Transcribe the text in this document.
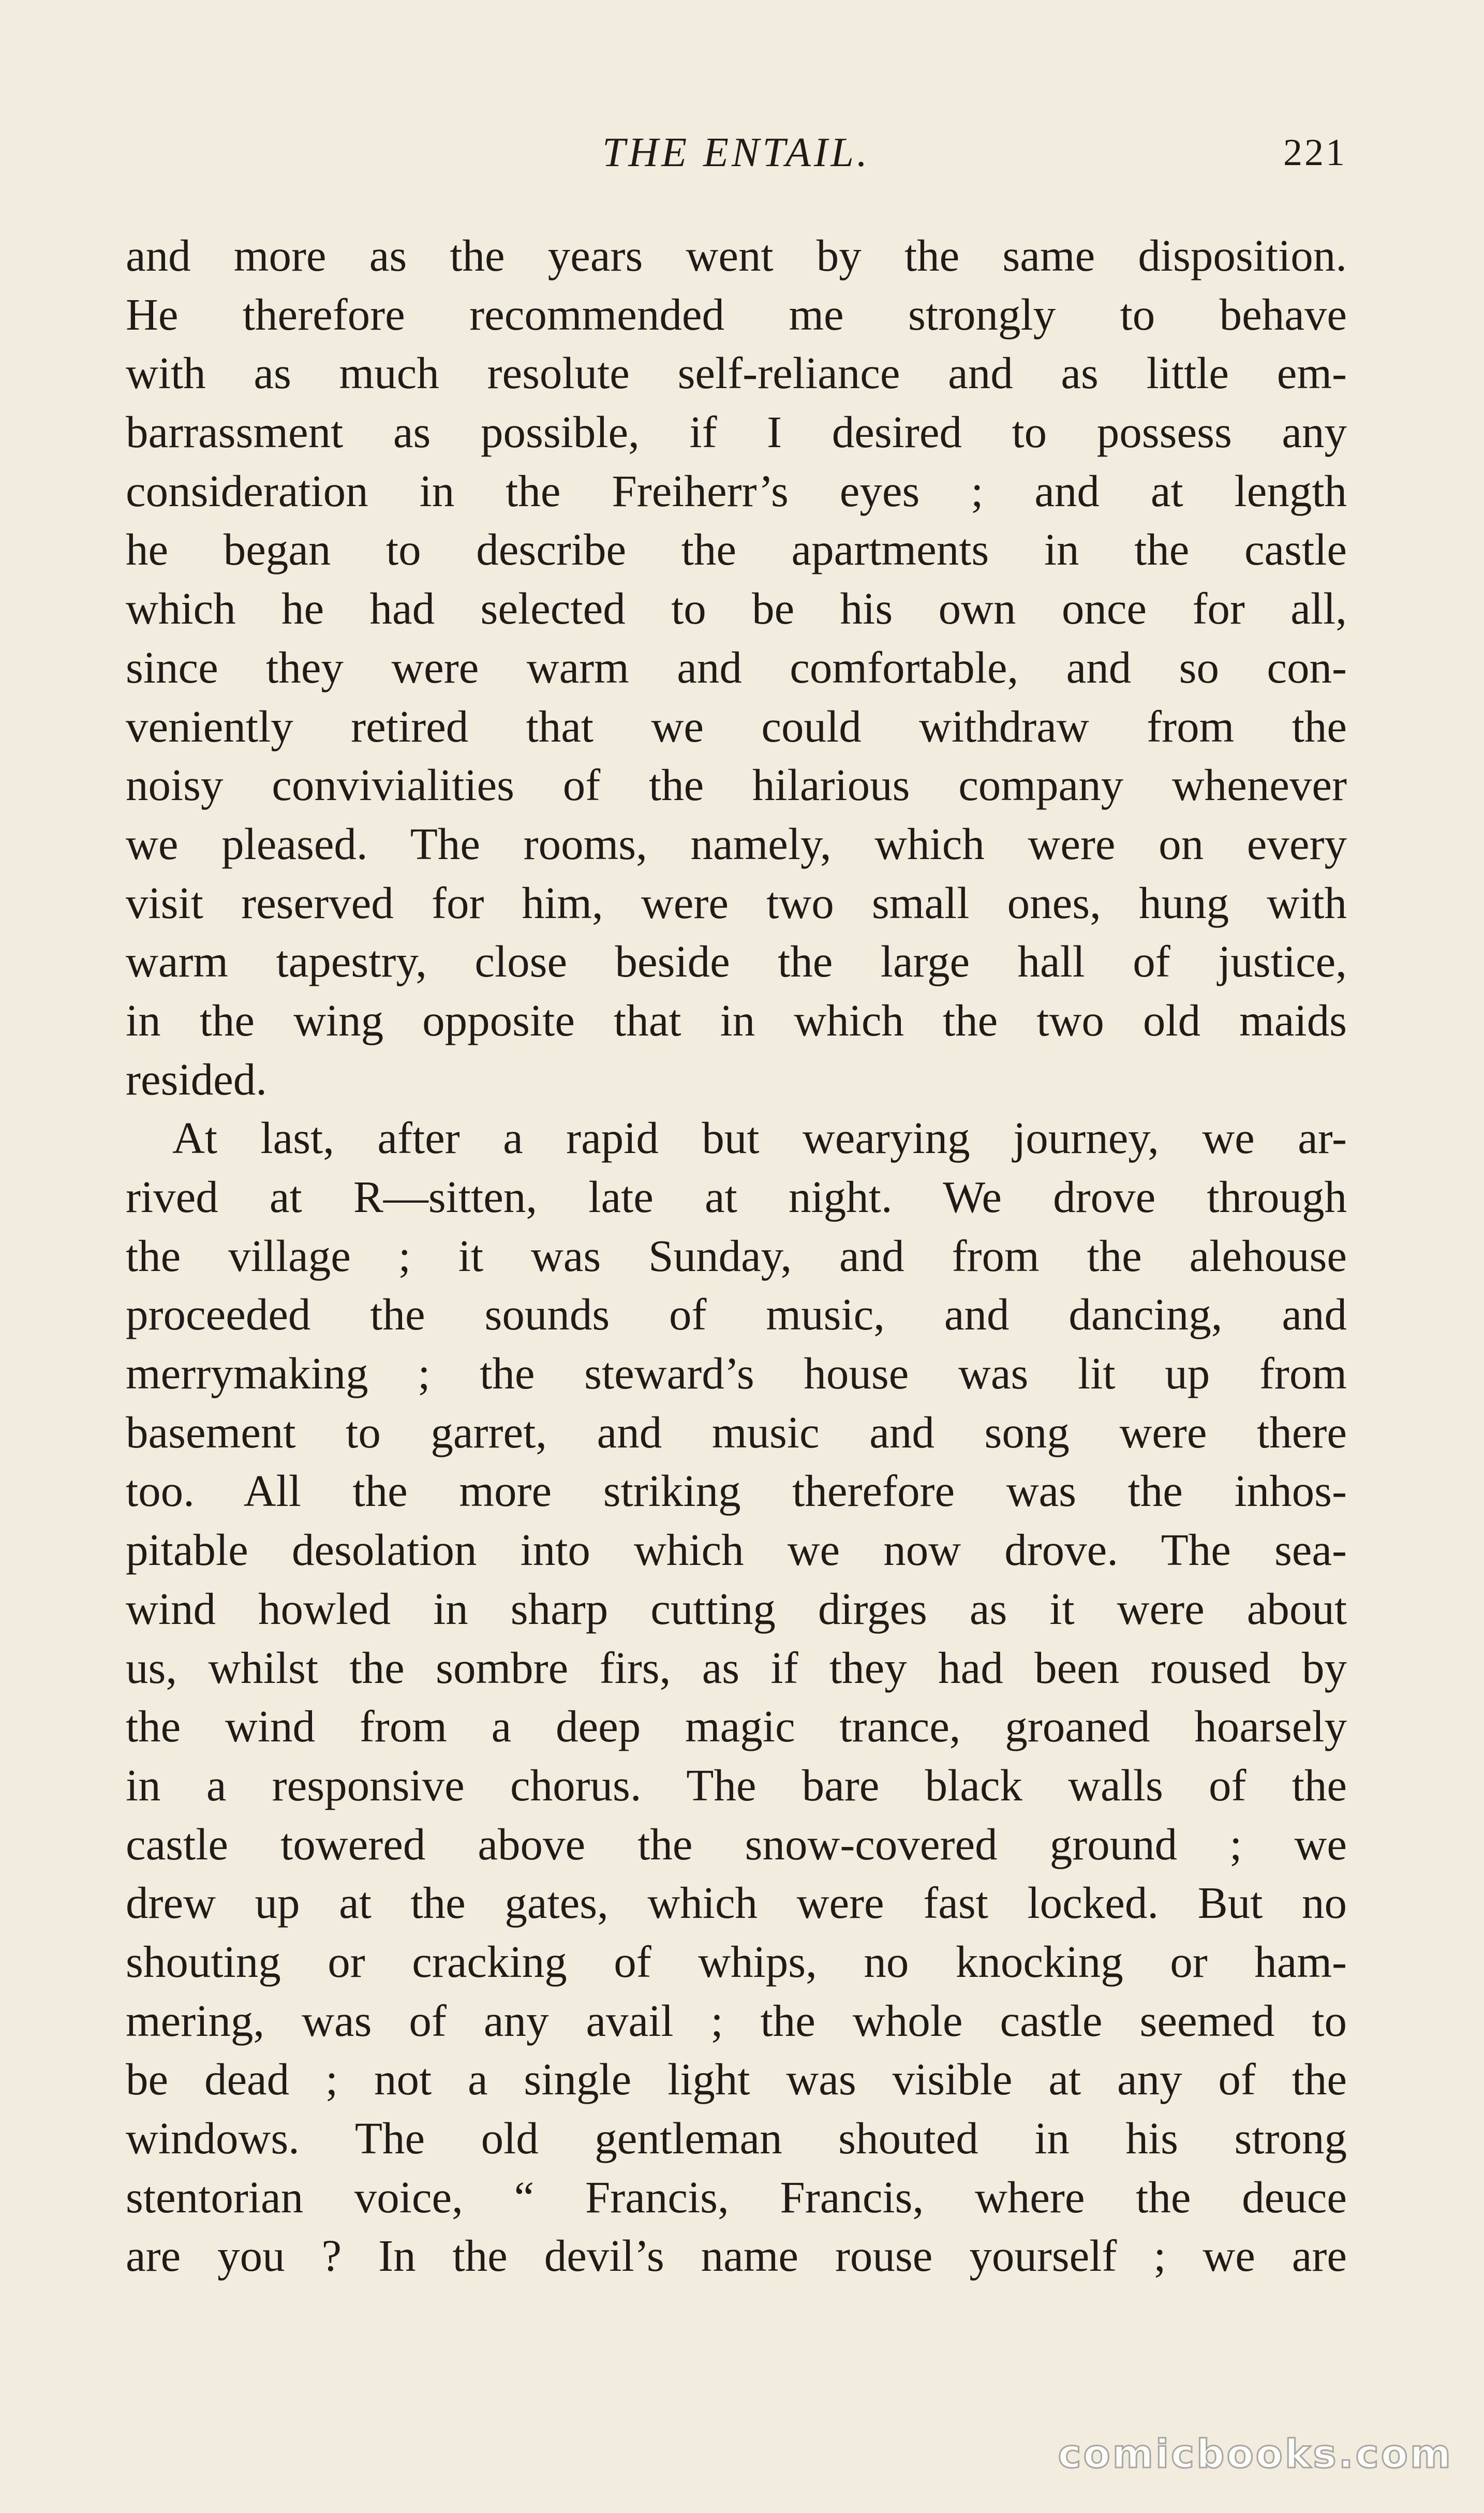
THE ENTAIL.	221
and more as the years went by the same disposition.
He therefore recommended me strongly to behave
with as much resolute self-reliance and as little em-
barrassment as possible, if I desired to possess any
consideration in the Freiherr’s eyes ; and at length
he began to describe the apartments in the castle
which he had selected to be his own once for all,
since they were warm and comfortable, and so con-
veniently retired that we could withdraw from the
noisy convivialities of the hilarious company whenever
we pleased. The rooms, namely, which were on every
visit reserved for him, were two small ones, hung with
warm tapestry, close beside the large hall of justice,
in the wing opposite that in which the two old maids
resided.
At last, after a rapid but wearying journey, we ar-
rived at R—sitten, late at night. We drove through
the village ; it was Sunday, and from the alehouse
proceeded the sounds of music, and dancing, and
merrymaking ; the steward’s house was lit up from
basement to garret, and music and song were there
too. All the more striking therefore was the inhos-
pitable desolation into which we now drove. The sea-
wind howled in sharp cutting dirges as it were about
us, whilst the sombre firs, as if they had been roused by
the wind from a deep magic trance, groaned hoarsely
in a responsive chorus. The bare black walls of the
castle towered above the snow-covered ground ; we
drew up at the gates, which were fast locked. But no
shouting or cracking of whips, no knocking or ham-
mering, was of any avail ; the whole castle seemed to
be dead ; not a single light was visible at any of the
windows. The old gentleman shouted in his strong
stentorian voice, “ Francis, Francis, where the deuce
are you ? In the devil’s name rouse yourself ; we are
comicbooks.com
